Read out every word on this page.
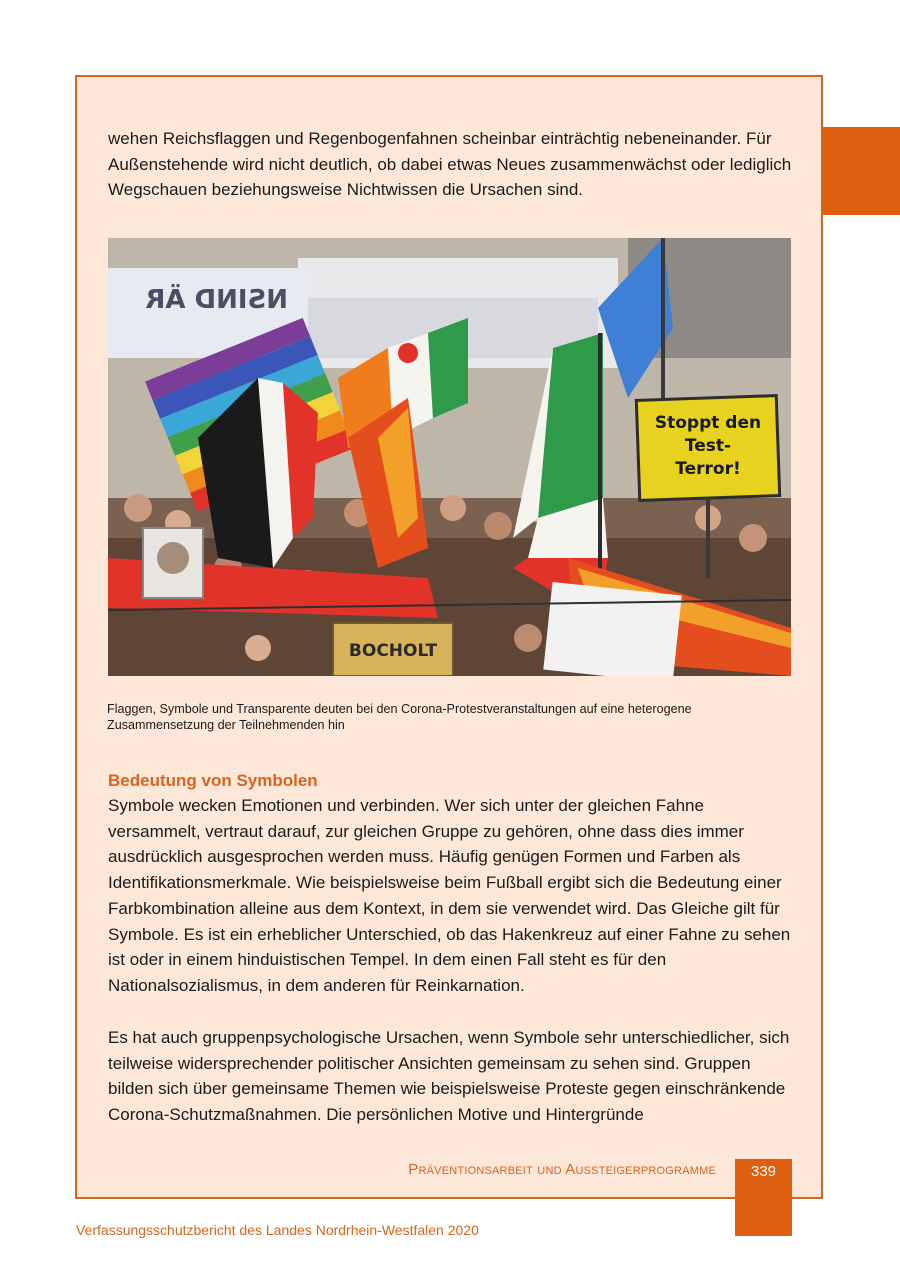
wehen Reichsflaggen und Regenbogenfahnen scheinbar einträchtig nebeneinander. Für Außenstehende wird nicht deutlich, ob dabei etwas Neues zusammenwächst oder lediglich Wegschauen beziehungsweise Nichtwissen die Ursachen sind.
NSIND ÄR
Stoppt den
Test-
Terror!
BOCHOLT
Flaggen, Symbole und Transparente deuten bei den Corona-Protestveranstaltungen auf eine heterogene Zusammensetzung der Teilnehmenden hin
Bedeutung von Symbolen
Symbole wecken Emotionen und verbinden. Wer sich unter der gleichen Fahne versammelt, vertraut darauf, zur gleichen Gruppe zu gehören, ohne dass dies immer ausdrücklich ausgesprochen werden muss. Häufig genügen Formen und Farben als Identifikationsmerkmale. Wie beispielsweise beim Fußball ergibt sich die Bedeutung einer Farbkombination alleine aus dem Kontext, in dem sie verwendet wird. Das Gleiche gilt für Symbole. Es ist ein erheblicher Unterschied, ob das Hakenkreuz auf einer Fahne zu sehen ist oder in einem hinduistischen Tempel. In dem einen Fall steht es für den Nationalsozialismus, in dem anderen für Reinkarnation.
Es hat auch gruppenpsychologische Ursachen, wenn Symbole sehr unterschiedlicher, sich teilweise widersprechender politischer Ansichten gemeinsam zu sehen sind. Gruppen bilden sich über gemeinsame Themen wie beispielsweise Proteste gegen einschränkende Corona-Schutzmaßnahmen. Die persönlichen Motive und Hintergründe
Präventionsarbeit und Aussteigerprogramme	339
Verfassungsschutzbericht des Landes Nordrhein-Westfalen 2020
